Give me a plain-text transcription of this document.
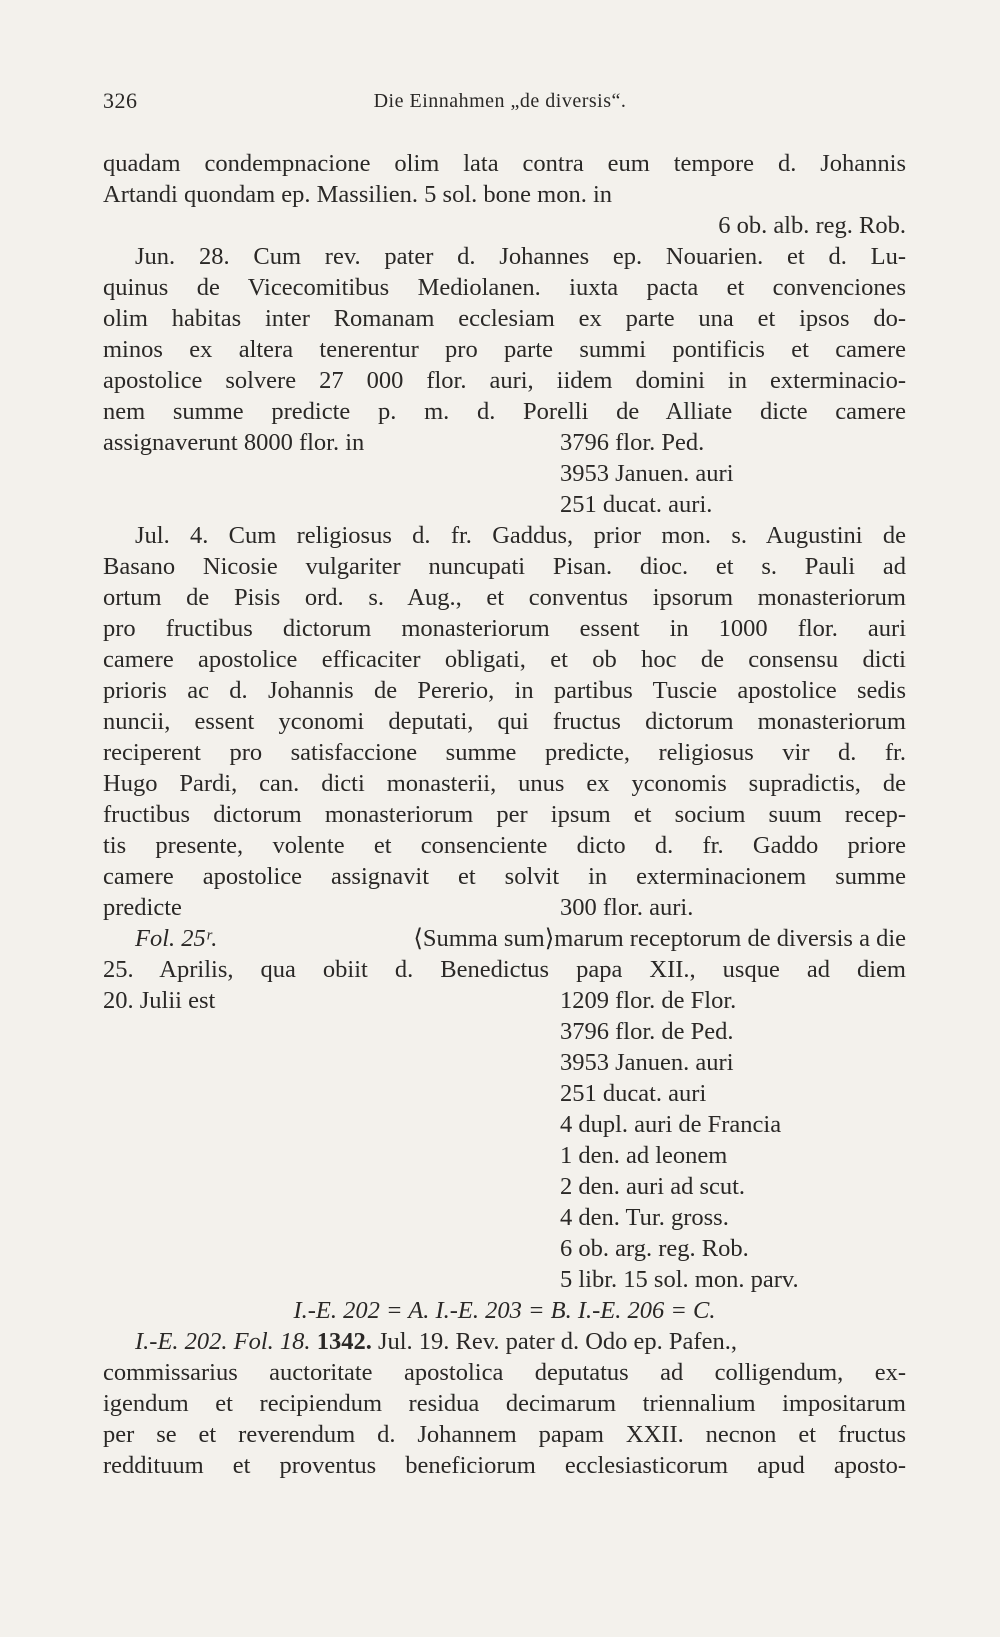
326	Die Einnahmen „de diversis“.
quadam condempnacione olim lata contra eum tempore d. Johannis
Artandi quondam ep. Massilien. 5 sol. bone mon. in
6 ob. alb. reg. Rob.
Jun. 28. Cum rev. pater d. Johannes ep. Nouarien. et d. Lu-
quinus de Vicecomitibus Mediolanen. iuxta pacta et convenciones
olim habitas inter Romanam ecclesiam ex parte una et ipsos do-
minos ex altera tenerentur pro parte summi pontificis et camere
apostolice solvere 27 000 flor. auri, iidem domini in exterminacio-
nem summe predicte p. m. d. Porelli de Alliate dicte camere
assignaverunt 8000 flor. in	3796 flor. Ped.
3953 Januen. auri
251 ducat. auri.
Jul. 4. Cum religiosus d. fr. Gaddus, prior mon. s. Augustini de
Basano Nicosie vulgariter nuncupati Pisan. dioc. et s. Pauli ad
ortum de Pisis ord. s. Aug., et conventus ipsorum monasteriorum
pro fructibus dictorum monasteriorum essent in 1000 flor. auri
camere apostolice efficaciter obligati, et ob hoc de consensu dicti
prioris ac d. Johannis de Pererio, in partibus Tuscie apostolice sedis
nuncii, essent yconomi deputati, qui fructus dictorum monasteriorum
reciperent pro satisfaccione summe predicte, religiosus vir d. fr.
Hugo Pardi, can. dicti monasterii, unus ex yconomis supradictis, de
fructibus dictorum monasteriorum per ipsum et socium suum recep-
tis presente, volente et consenciente dicto d. fr. Gaddo priore
camere apostolice assignavit et solvit in exterminacionem summe
predicte	300 flor. auri.
Fol. 25ʳ.	⟨Summa sum⟩marum receptorum de diversis a die
25. Aprilis, qua obiit d. Benedictus papa XII., usque ad diem
20. Julii est	1209 flor. de Flor.
3796 flor. de Ped.
3953 Januen. auri
251 ducat. auri
4 dupl. auri de Francia
1 den. ad leonem
2 den. auri ad scut.
4 den. Tur. gross.
6 ob. arg. reg. Rob.
5 libr. 15 sol. mon. parv.
I.-E. 202 = A. I.-E. 203 = B. I.-E. 206 = C.
I.-E. 202. Fol. 18. 1342. Jul. 19. Rev. pater d. Odo ep. Pafen.,
commissarius auctoritate apostolica deputatus ad colligendum, ex-
igendum et recipiendum residua decimarum triennalium impositarum
per se et reverendum d. Johannem papam XXII. necnon et fructus
reddituum et proventus beneficiorum ecclesiasticorum apud aposto-
